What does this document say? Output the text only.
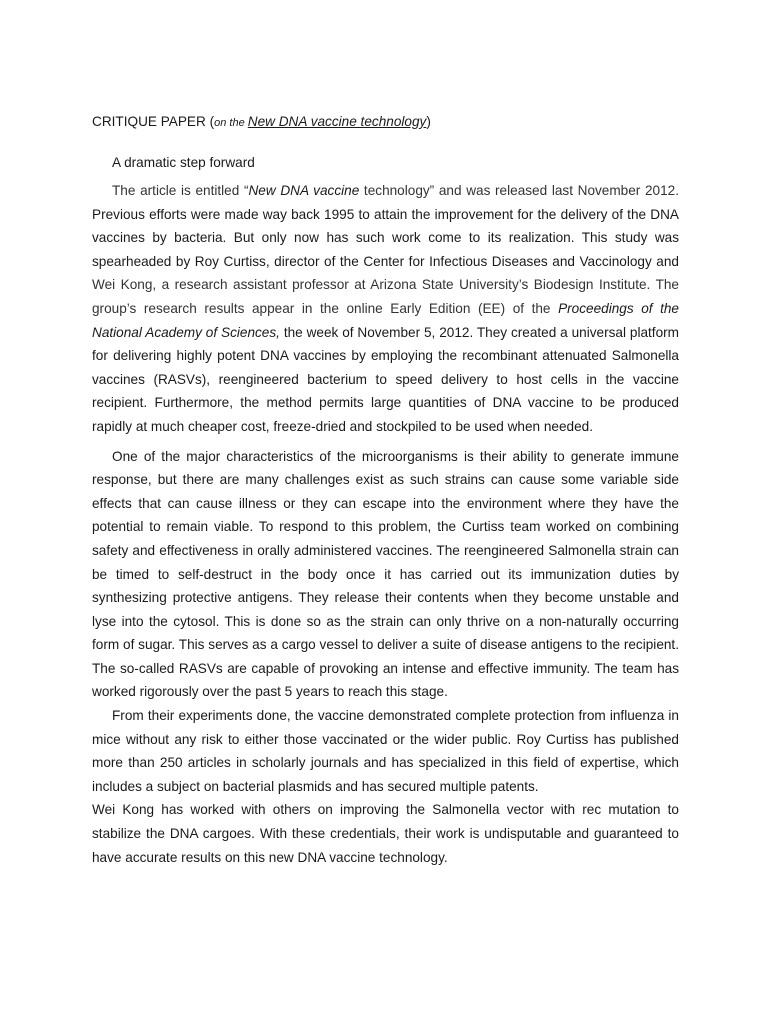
CRITIQUE PAPER (on the New DNA vaccine technology)
A dramatic step forward

The article is entitled “New DNA vaccine technology” and was released last November 2012. Previous efforts were made way back 1995 to attain the improvement for the delivery of the DNA vaccines by bacteria. But only now has such work come to its realization. This study was spearheaded by Roy Curtiss, director of the Center for Infectious Diseases and Vaccinology and Wei Kong, a research assistant professor at Arizona State University’s Biodesign Institute. The group’s research results appear in the online Early Edition (EE) of the Proceedings of the National Academy of Sciences, the week of November 5, 2012. They created a universal platform for delivering highly potent DNA vaccines by employing the recombinant attenuated Salmonella vaccines (RASVs), reengineered bacterium to speed delivery to host cells in the vaccine recipient. Furthermore, the method permits large quantities of DNA vaccine to be produced rapidly at much cheaper cost, freeze-dried and stockpiled to be used when needed.

One of the major characteristics of the microorganisms is their ability to generate immune response, but there are many challenges exist as such strains can cause some variable side effects that can cause illness or they can escape into the environment where they have the potential to remain viable. To respond to this problem, the Curtiss team worked on combining safety and effectiveness in orally administered vaccines. The reengineered Salmonella strain can be timed to self-destruct in the body once it has carried out its immunization duties by synthesizing protective antigens. They release their contents when they become unstable and lyse into the cytosol. This is done so as the strain can only thrive on a non-naturally occurring form of sugar. This serves as a cargo vessel to deliver a suite of disease antigens to the recipient. The so-called RASVs are capable of provoking an intense and effective immunity. The team has worked rigorously over the past 5 years to reach this stage.

From their experiments done, the vaccine demonstrated complete protection from influenza in mice without any risk to either those vaccinated or the wider public. Roy Curtiss has published more than 250 articles in scholarly journals and has specialized in this field of expertise, which includes a subject on bacterial plasmids and has secured multiple patents.

Wei Kong has worked with others on improving the Salmonella vector with rec mutation to stabilize the DNA cargoes. With these credentials, their work is undisputable and guaranteed to have accurate results on this new DNA vaccine technology.
